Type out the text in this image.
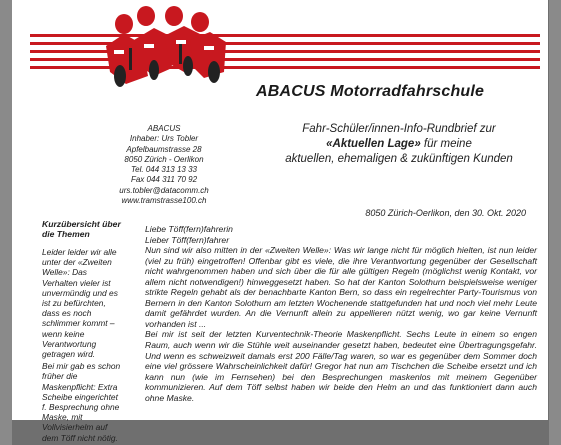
ABACUS Motorradfahrschule
ABACUS
Inhaber: Urs Tobler
Apfelbaumstrasse 28
8050 Zürich - Oerlikon
Tel. 044 313 13 33
Fax 044 311 70 92
urs.tobler@datacomm.ch
www.tramstrasse100.ch
Fahr-Schüler/innen-Info-Rundbrief zur
«Aktuellen Lage» für meine
aktuellen, ehemaligen & zukünftigen Kunden
8050 Zürich-Oerlikon, den 30. Okt. 2020
Kurzübersicht über die Themen

Leider leider wir alle unter der «Zweiten Welle»: Das Verhalten vieler ist unvermündig und es ist zu befürchten, dass es noch schlimmer kommt – wenn keine Verantwortung getragen wird.

Bei mir gab es schon früher die Maskenpflicht: Extra Scheibe eingerichtet f. Besprechung ohne Maske, mit Vollvisierhelm auf dem Töff nicht nötig.

Liebe Töff(fern)fahrerin

Lieber Töff(fern)fahrer

Nun sind wir also mitten in der «Zweiten Welle»: Was wir lange nicht für möglich hielten, ist nun leider (viel zu früh) eingetroffen! Offenbar gibt es viele, die ihre Verantwortung gegenüber der Gesellschaft nicht wahrgenommen haben und sich über die für alle gültigen Regeln (möglichst wenig Kontakt, vor allem nicht notwendigen!) hinweggesetzt haben. So hat der Kanton Solothurn beispielsweise weniger strikte Regeln gehabt als der benachbarte Kanton Bern, so dass ein regelrechter Party-Tourismus von Bernern in den Kanton Solothurn am letzten Wochenende stattgefunden hat und noch viel mehr Leute damit gefährdet wurden. An die Vernunft allein zu appellieren nützt wenig, wo gar keine Vernunft vorhanden ist ...

Bei mir ist seit der letzten Kurventechnik-Theorie Maskenpflicht. Sechs Leute in einem so engen Raum, auch wenn wir die Stühle weit auseinander gesetzt haben, bedeutet eine Übertragungsgefahr. Und wenn es schweizweit damals erst 200 Fälle/Tag waren, so war es gegenüber dem Sommer doch eine viel grössere Wahrscheinlichkeit dafür! Gregor hat nun am Tischchen die Scheibe ersetzt und ich kann nun (wie im Fernsehen) bei den Besprechungen maskenlos mit meinem Gegenüber kommunizieren. Auf dem Töff selbst haben wir beide den Helm an und das funktioniert dann auch ohne Maske.
